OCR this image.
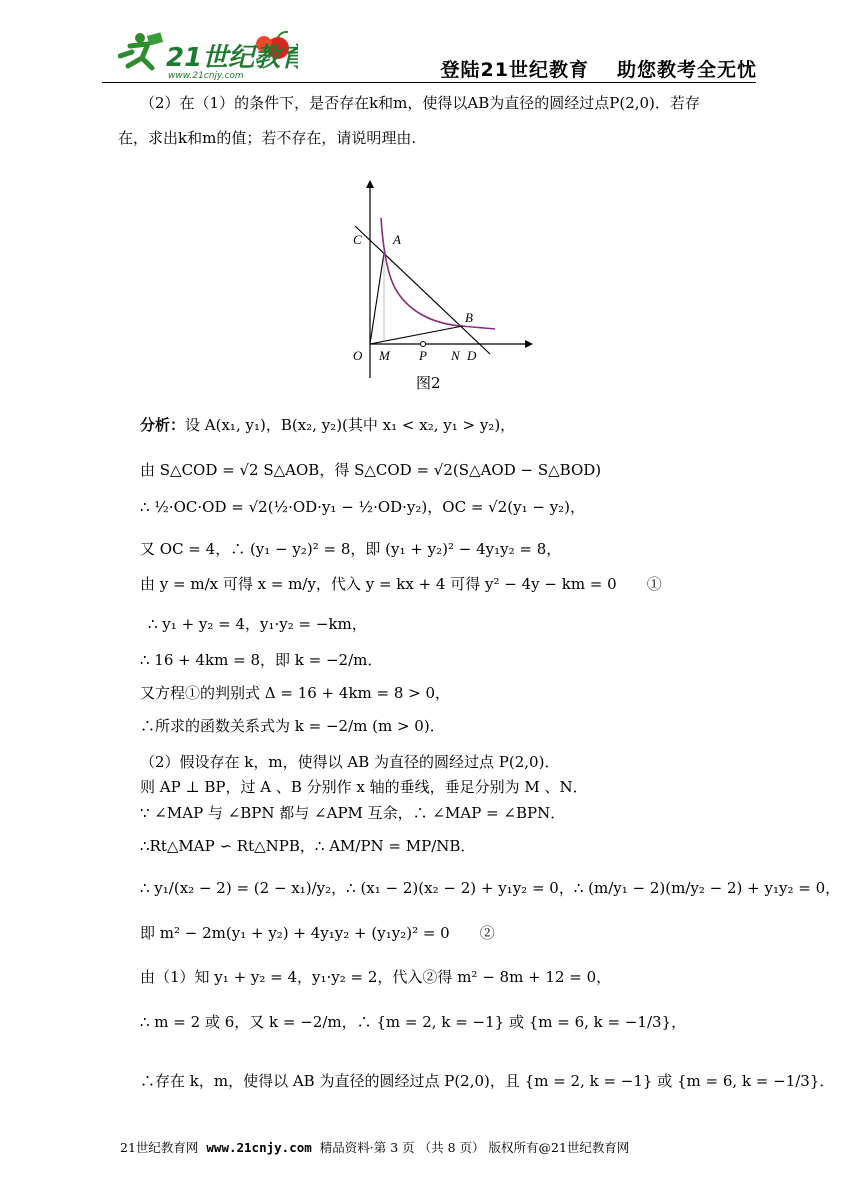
21世纪教育
www.21cnjy.com	登陆21世纪教育 助您教考全无忧
（2）在（1）的条件下，是否存在k和m，使得以AB为直径的圆经过点P(2,0)．若存
在，求出k和m的值；若不存在，请说明理由.
C A
B
O M P N D
图2
分析：设 A(x₁, y₁)，B(x₂, y₂)(其中 x₁ < x₂, y₁ > y₂)，
由 S△COD = √2 S△AOB，得 S△COD = √2(S△AOD − S△BOD)
∴ ½·OC·OD = √2(½·OD·y₁ − ½·OD·y₂)，OC = √2(y₁ − y₂)，
又 OC = 4，∴ (y₁ − y₂)² = 8，即 (y₁ + y₂)² − 4y₁y₂ = 8，
由 y = m/x 可得 x = m/y，代入 y = kx + 4 可得 y² − 4y − km = 0　　①
∴ y₁ + y₂ = 4，y₁·y₂ = −km，
∴ 16 + 4km = 8，即 k = −2/m．
又方程①的判别式 Δ = 16 + 4km = 8 > 0，
∴所求的函数关系式为 k = −2/m (m > 0)．
（2）假设存在 k，m，使得以 AB 为直径的圆经过点 P(2,0)．
则 AP ⊥ BP，过 A 、B 分别作 x 轴的垂线，垂足分别为 M 、N．
∵ ∠MAP 与 ∠BPN 都与 ∠APM 互余，∴ ∠MAP = ∠BPN．
∴Rt△MAP ∽ Rt△NPB，∴ AM/PN = MP/NB．
∴ y₁/(x₂ − 2) = (2 − x₁)/y₂，∴ (x₁ − 2)(x₂ − 2) + y₁y₂ = 0，∴ (m/y₁ − 2)(m/y₂ − 2) + y₁y₂ = 0，
即 m² − 2m(y₁ + y₂) + 4y₁y₂ + (y₁y₂)² = 0　　②
由（1）知 y₁ + y₂ = 4，y₁·y₂ = 2，代入②得 m² − 8m + 12 = 0，
∴ m = 2 或 6，又 k = −2/m，∴ {m = 2, k = −1} 或 {m = 6, k = −1/3}，
∴存在 k，m，使得以 AB 为直径的圆经过点 P(2,0)，且 {m = 2, k = −1} 或 {m = 6, k = −1/3}．
21世纪教育网 www.21cnjy.com 精品资料·第 3 页 （共 8 页） 版权所有@21世纪教育网
